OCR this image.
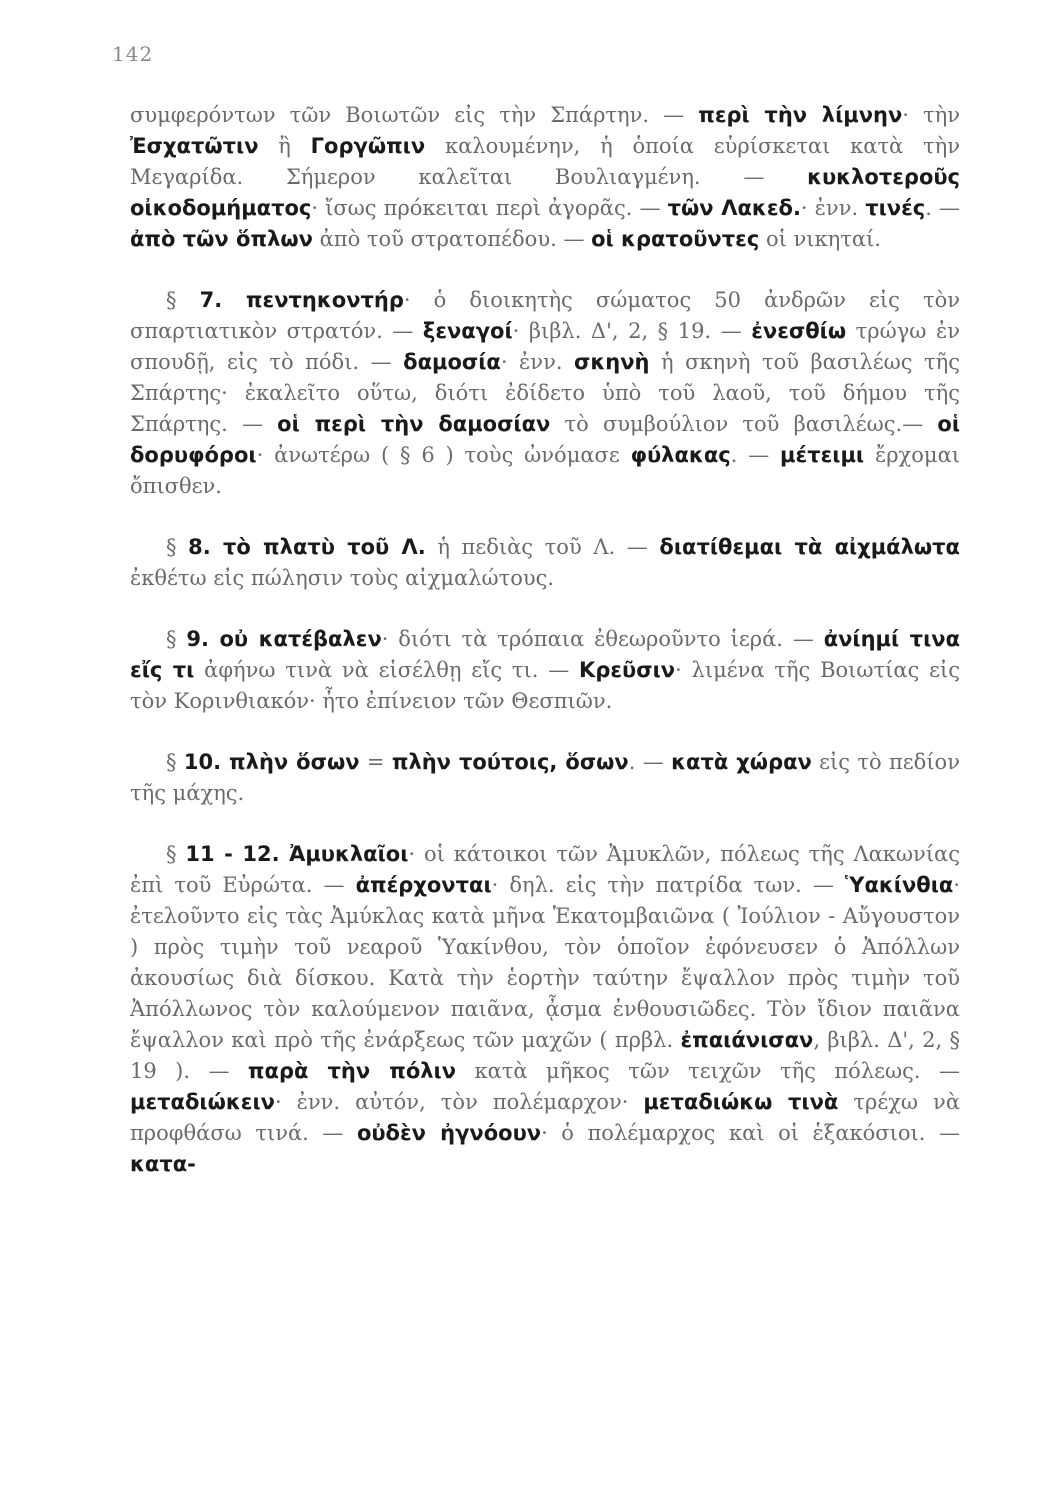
142

συμφερόντων τῶν Βοιωτῶν εἰς τὴν Σπάρτην. — περὶ τὴν λίμνην· τὴν Ἐσχατῶτιν ἢ Γοργῶπιν καλουμένην, ἡ ὁποία εὑρίσκεται κατὰ τὴν Μεγαρίδα. Σήμερον καλεῖται Βουλιαγμένη. — κυκλοτεροῦς οἰκοδομήματος· ἴσως πρόκειται περὶ ἀγορᾶς. — τῶν Λακεδ.· ἐνν. τινές. — ἀπὸ τῶν ὅπλων ἀπὸ τοῦ στρατοπέδου. — οἱ κρατοῦντες οἱ νικηταί.

§ 7. πεντηκοντήρ· ὁ διοικητὴς σώματος 50 ἀνδρῶν εἰς τὸν σπαρτιατικὸν στρατόν. — ξεναγοί· βιβλ. Δ', 2, § 19. — ἐνεσθίω τρώγω ἐν σπουδῇ, εἰς τὸ πόδι. — δαμοσία· ἐνν. σκηνὴ ἡ σκηνὴ τοῦ βασιλέως τῆς Σπάρτης· ἐκαλεῖτο οὕτω, διότι ἐδίδετο ὑπὸ τοῦ λαοῦ, τοῦ δήμου τῆς Σπάρτης. — οἱ περὶ τὴν δαμοσίαν τὸ συμβούλιον τοῦ βασιλέως.— οἱ δορυφόροι· ἀνωτέρω ( § 6 ) τοὺς ὠνόμασε φύλακας. — μέτειμι ἔρχομαι ὄπισθεν.

§ 8. τὸ πλατὺ τοῦ Λ. ἡ πεδιὰς τοῦ Λ. — διατίθεμαι τὰ αἰχμάλωτα ἐκθέτω εἰς πώλησιν τοὺς αἰχμαλώτους.

§ 9. οὐ κατέβαλεν· διότι τὰ τρόπαια ἐθεωροῦντο ἱερά. — ἀνίημί τινα εἴς τι ἀφήνω τινὰ νὰ εἰσέλθῃ εἴς τι. — Κρεῦσιν· λιμένα τῆς Βοιωτίας εἰς τὸν Κορινθιακόν· ἦτο ἐπίνειον τῶν Θεσπιῶν.

§ 10. πλὴν ὅσων = πλὴν τούτοις, ὅσων. — κατὰ χώραν εἰς τὸ πεδίον τῆς μάχης.

§ 11 - 12. Ἀμυκλαῖοι· οἱ κάτοικοι τῶν Ἀμυκλῶν, πόλεως τῆς Λακωνίας ἐπὶ τοῦ Εὐρώτα. — ἀπέρχονται· δηλ. εἰς τὴν πατρίδα των. — Ὑακίνθια· ἐτελοῦντο εἰς τὰς Ἀμύκλας κατὰ μῆνα Ἑκατομβαιῶνα ( Ἰούλιον - Αὔγουστον ) πρὸς τιμὴν τοῦ νεαροῦ Ὑακίνθου, τὸν ὁποῖον ἐφόνευσεν ὁ Ἀπόλλων ἀκουσίως διὰ δίσκου. Κατὰ τὴν ἑορτὴν ταύτην ἔψαλλον πρὸς τιμὴν τοῦ Ἀπόλλωνος τὸν καλούμενον παιᾶνα, ᾆσμα ἐνθουσιῶδες. Τὸν ἴδιον παιᾶνα ἔψαλλον καὶ πρὸ τῆς ἐνάρξεως τῶν μαχῶν ( πρβλ. ἐπαιάνισαν, βιβλ. Δ', 2, § 19 ). — παρὰ τὴν πόλιν κατὰ μῆκος τῶν τειχῶν τῆς πόλεως. — μεταδιώκειν· ἐνν. αὐτόν, τὸν πολέμαρχον· μεταδιώκω τινὰ τρέχω νὰ προφθάσω τινά. — οὐδὲν ἠγνόουν· ὁ πολέμαρχος καὶ οἱ ἑξακόσιοι. — κατα-
